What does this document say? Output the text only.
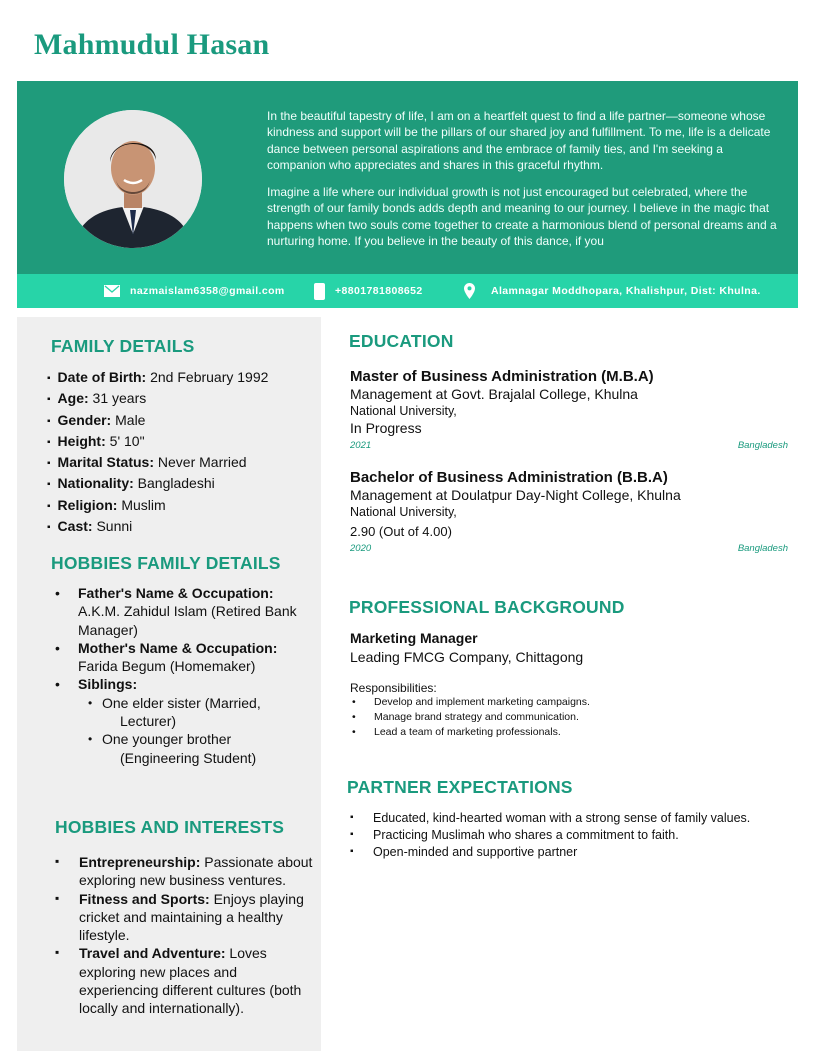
Mahmudul Hasan

In the beautiful tapestry of life, I am on a heartfelt quest to find a life partner—someone whose kindness and support will be the pillars of our shared joy and fulfillment. To me, life is a delicate dance between personal aspirations and the embrace of family ties, and I'm seeking a companion who appreciates and shares in this graceful rhythm.

Imagine a life where our individual growth is not just encouraged but celebrated, where the strength of our family bonds adds depth and meaning to our journey. I believe in the magic that happens when two souls come together to create a harmonious blend of personal dreams and a nurturing home. If you believe in the beauty of this dance, if you

nazmaislam6358@gmail.com	+8801781808652	Alamnagar Moddhopara, Khalishpur, Dist: Khulna.
FAMILY DETAILS
▪ Date of Birth: 2nd February 1992
▪ Age: 31 years
▪ Gender: Male
▪ Height: 5' 10"
▪ Marital Status: Never Married
▪ Nationality: Bangladeshi
▪ Religion: Muslim
▪ Cast: Sunni
HOBBIES FAMILY DETAILS
• Father's Name & Occupation:
A.K.M. Zahidul Islam (Retired Bank Manager)
• Mother's Name & Occupation:
Farida Begum (Homemaker)
• Siblings:
• One elder sister (Married,
Lecturer)
• One younger brother
(Engineering Student)
HOBBIES AND INTERESTS
▪ Entrepreneurship: Passionate about exploring new business ventures.
▪ Fitness and Sports: Enjoys playing cricket and maintaining a healthy lifestyle.
▪ Travel and Adventure: Loves exploring new places and experiencing different cultures (both locally and internationally).
EDUCATION
Master of Business Administration (M.B.A)
Management at Govt. Brajalal College, Khulna
National University,
In Progress
2021	Bangladesh
Bachelor of Business Administration (B.B.A)
Management at Doulatpur Day-Night College, Khulna
National University,
2.90 (Out of 4.00)
2020	Bangladesh
PROFESSIONAL BACKGROUND
Marketing Manager
Leading FMCG Company, Chittagong
Responsibilities:
• Develop and implement marketing campaigns.
• Manage brand strategy and communication.
• Lead a team of marketing professionals.
PARTNER EXPECTATIONS
▪ Educated, kind-hearted woman with a strong sense of family values.
▪ Practicing Muslimah who shares a commitment to faith.
▪ Open-minded and supportive partner
